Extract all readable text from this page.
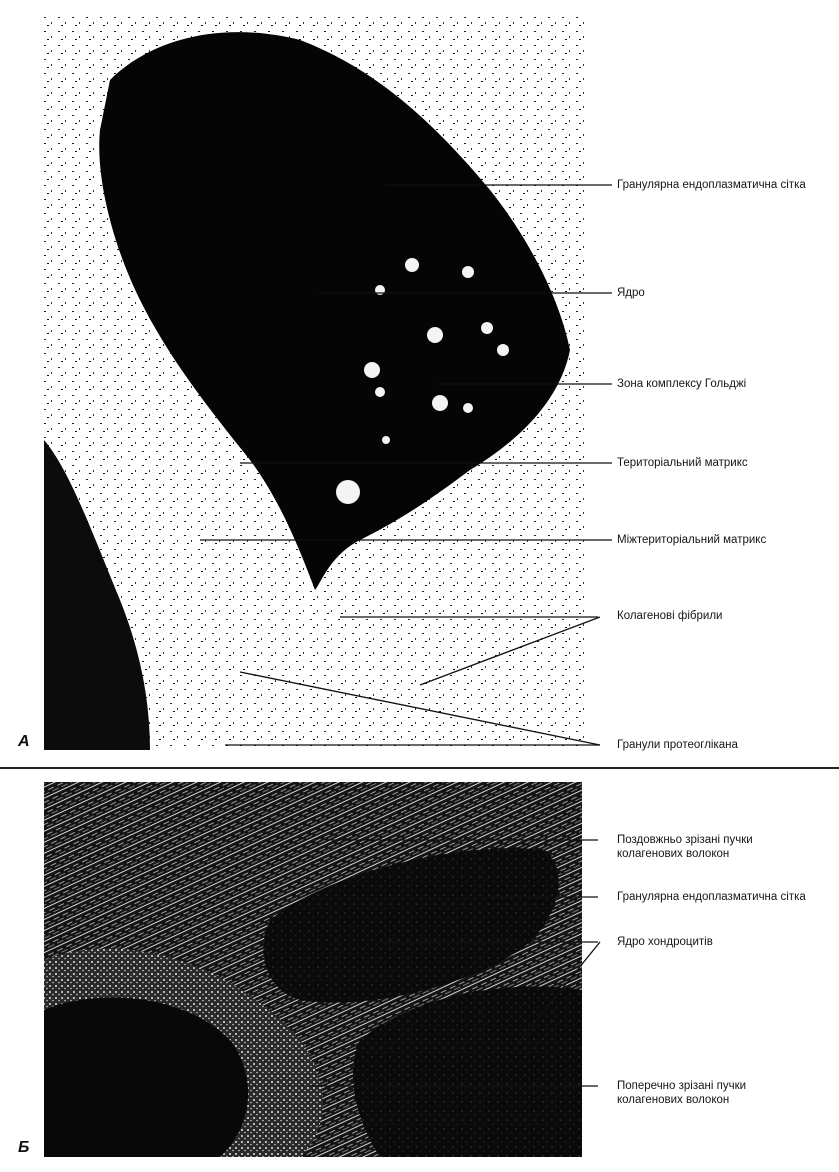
А
Б
Гранулярна ендоплазматична сітка
Ядро
Зона комплексу Гольджі
Територіальний матрикс
Міжтериторіальний матрикс
Колагенові фібрили
Гранули протеоглікана
Поздовжньо зрізані пучки
колагенових волокон
Гранулярна ендоплазматична сітка
Ядро хондроцитів
Поперечно зрізані пучки
колагенових волокон
